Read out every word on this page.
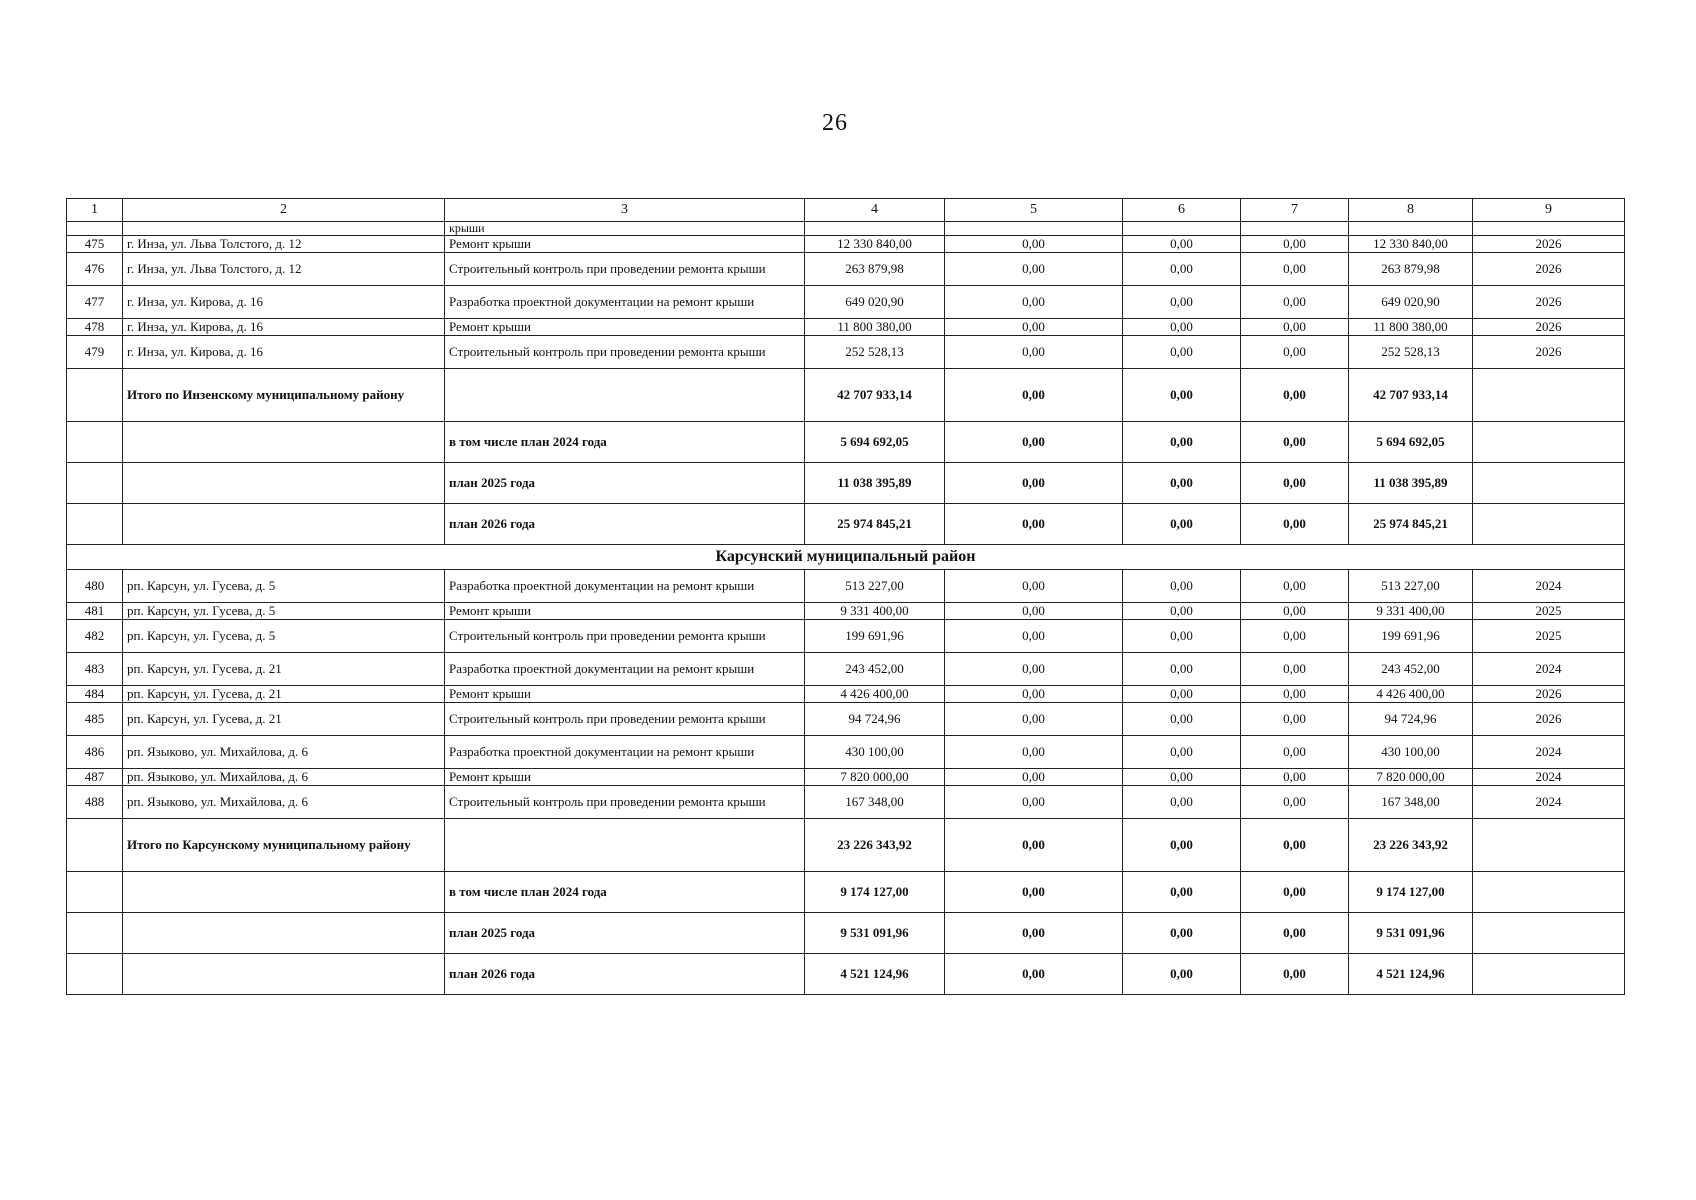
26
1	2	3	4	5	6	7	8	9
		крыши						
475	г. Инза, ул. Льва Толстого, д. 12	Ремонт крыши	12 330 840,00	0,00	0,00	0,00	12 330 840,00	2026
476	г. Инза, ул. Льва Толстого, д. 12	Строительный контроль при проведении ремонта крыши	263 879,98	0,00	0,00	0,00	263 879,98	2026
477	г. Инза, ул. Кирова, д. 16	Разработка проектной документации на ремонт крыши	649 020,90	0,00	0,00	0,00	649 020,90	2026
478	г. Инза, ул. Кирова, д. 16	Ремонт крыши	11 800 380,00	0,00	0,00	0,00	11 800 380,00	2026
479	г. Инза, ул. Кирова, д. 16	Строительный контроль при проведении ремонта крыши	252 528,13	0,00	0,00	0,00	252 528,13	2026
	Итого по Инзенскому муниципальному району		42 707 933,14	0,00	0,00	0,00	42 707 933,14	
		в том числе план 2024 года	5 694 692,05	0,00	0,00	0,00	5 694 692,05	
		план 2025 года	11 038 395,89	0,00	0,00	0,00	11 038 395,89	
		план 2026 года	25 974 845,21	0,00	0,00	0,00	25 974 845,21	
Карсунский муниципальный район								
480	рп. Карсун, ул. Гусева, д. 5	Разработка проектной документации на ремонт крыши	513 227,00	0,00	0,00	0,00	513 227,00	2024
481	рп. Карсун, ул. Гусева, д. 5	Ремонт крыши	9 331 400,00	0,00	0,00	0,00	9 331 400,00	2025
482	рп. Карсун, ул. Гусева, д. 5	Строительный контроль при проведении ремонта крыши	199 691,96	0,00	0,00	0,00	199 691,96	2025
483	рп. Карсун, ул. Гусева, д. 21	Разработка проектной документации на ремонт крыши	243 452,00	0,00	0,00	0,00	243 452,00	2024
484	рп. Карсун, ул. Гусева, д. 21	Ремонт крыши	4 426 400,00	0,00	0,00	0,00	4 426 400,00	2026
485	рп. Карсун, ул. Гусева, д. 21	Строительный контроль при проведении ремонта крыши	94 724,96	0,00	0,00	0,00	94 724,96	2026
486	рп. Языково, ул. Михайлова, д. 6	Разработка проектной документации на ремонт крыши	430 100,00	0,00	0,00	0,00	430 100,00	2024
487	рп. Языково, ул. Михайлова, д. 6	Ремонт крыши	7 820 000,00	0,00	0,00	0,00	7 820 000,00	2024
488	рп. Языково, ул. Михайлова, д. 6	Строительный контроль при проведении ремонта крыши	167 348,00	0,00	0,00	0,00	167 348,00	2024
	Итого по Карсунскому муниципальному району		23 226 343,92	0,00	0,00	0,00	23 226 343,92	
		в том числе план 2024 года	9 174 127,00	0,00	0,00	0,00	9 174 127,00	
		план 2025 года	9 531 091,96	0,00	0,00	0,00	9 531 091,96	
		план 2026 года	4 521 124,96	0,00	0,00	0,00	4 521 124,96	
